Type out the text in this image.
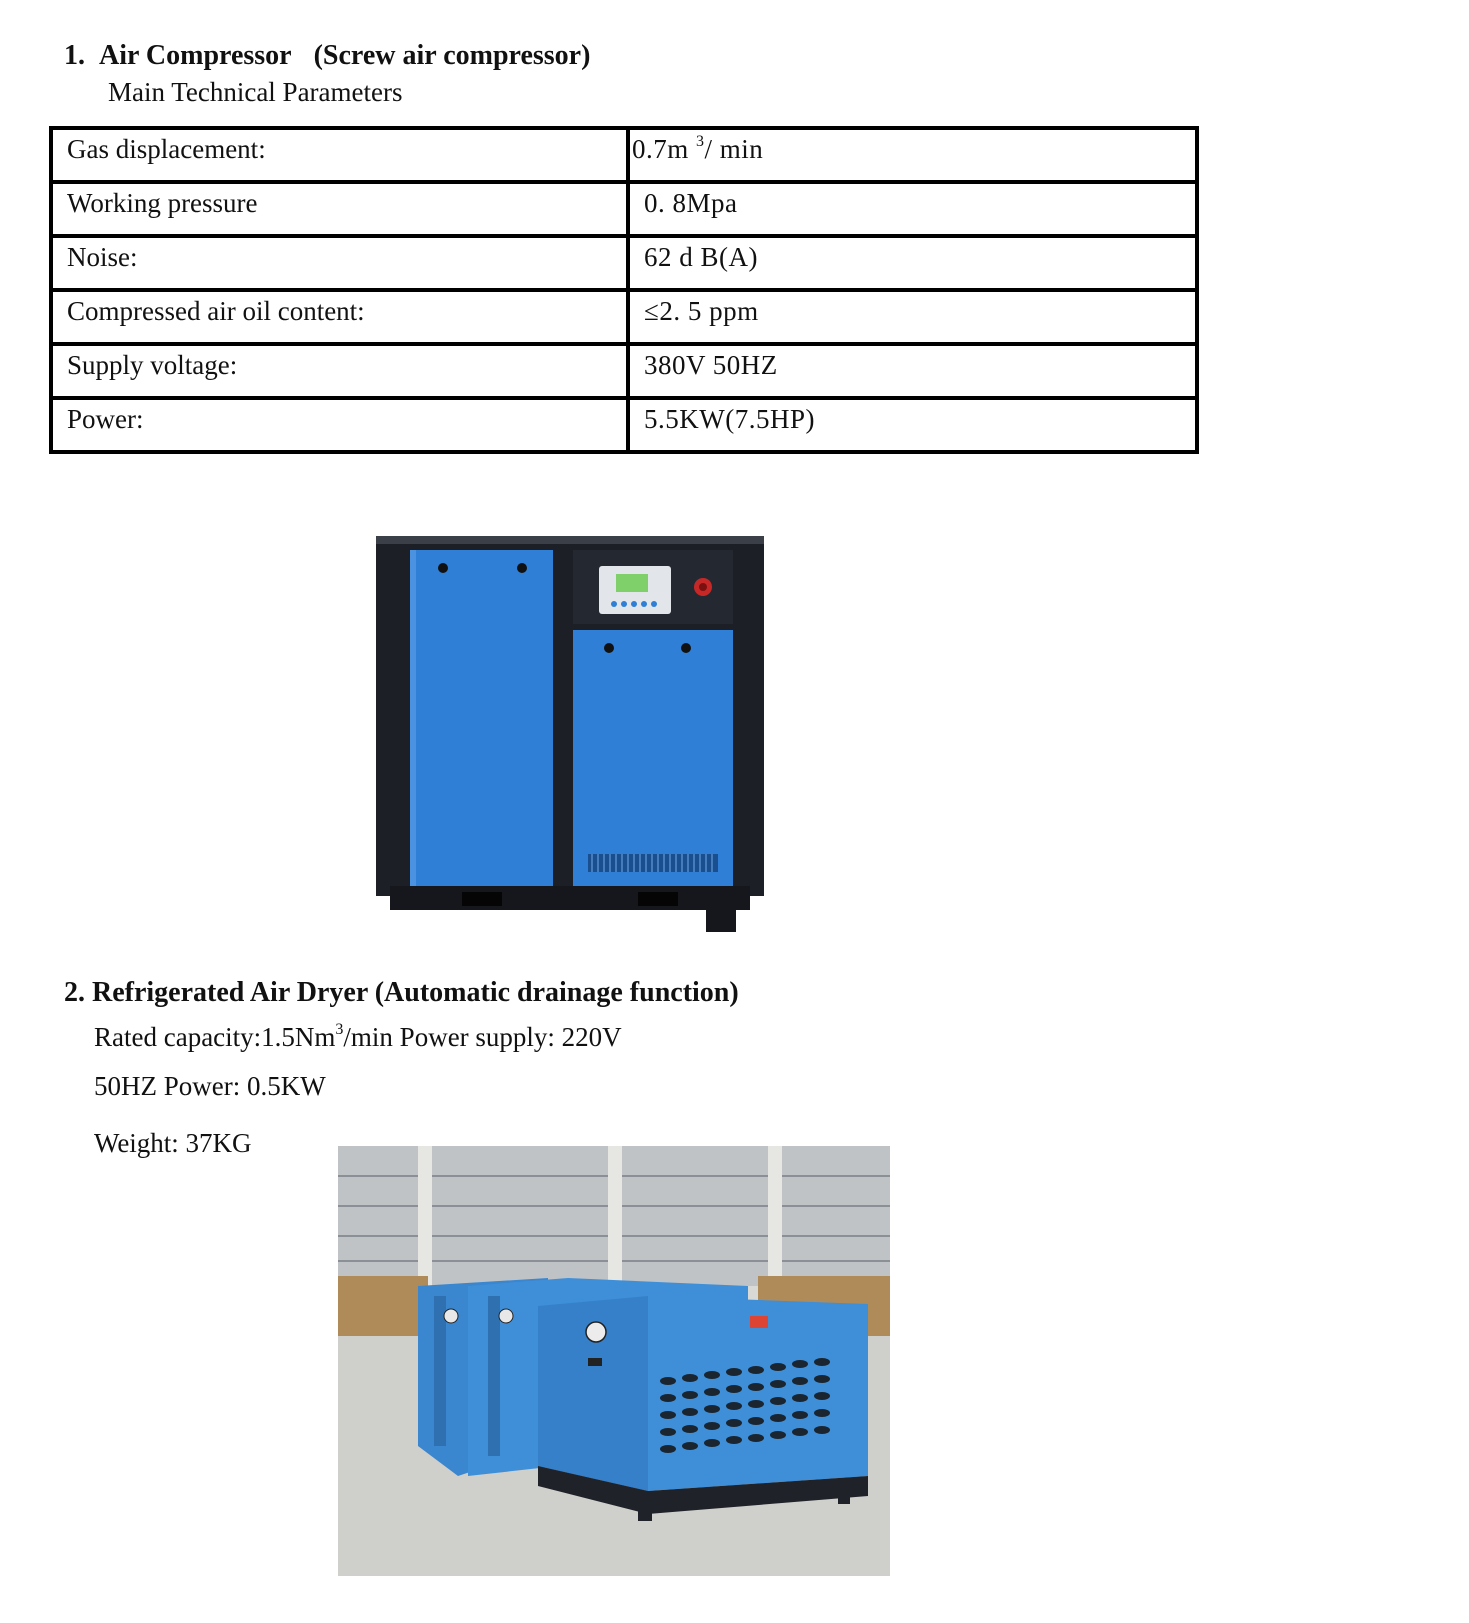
1. Air Compressor (Screw air compressor)
Main Technical Parameters
Gas displacement:	0.7m $^3$/ min
Working pressure	0. 8Mpa
Noise:	62 d B(A)
Compressed air oil content:	≤2. 5 ppm
Supply voltage:	380V 50HZ
Power:	5.5KW(7.5HP)
2. Refrigerated Air Dryer (Automatic drainage function)
Rated capacity:1.5Nm$^3$/min Power supply: 220V
50HZ Power: 0.5KW
Weight: 37KG
